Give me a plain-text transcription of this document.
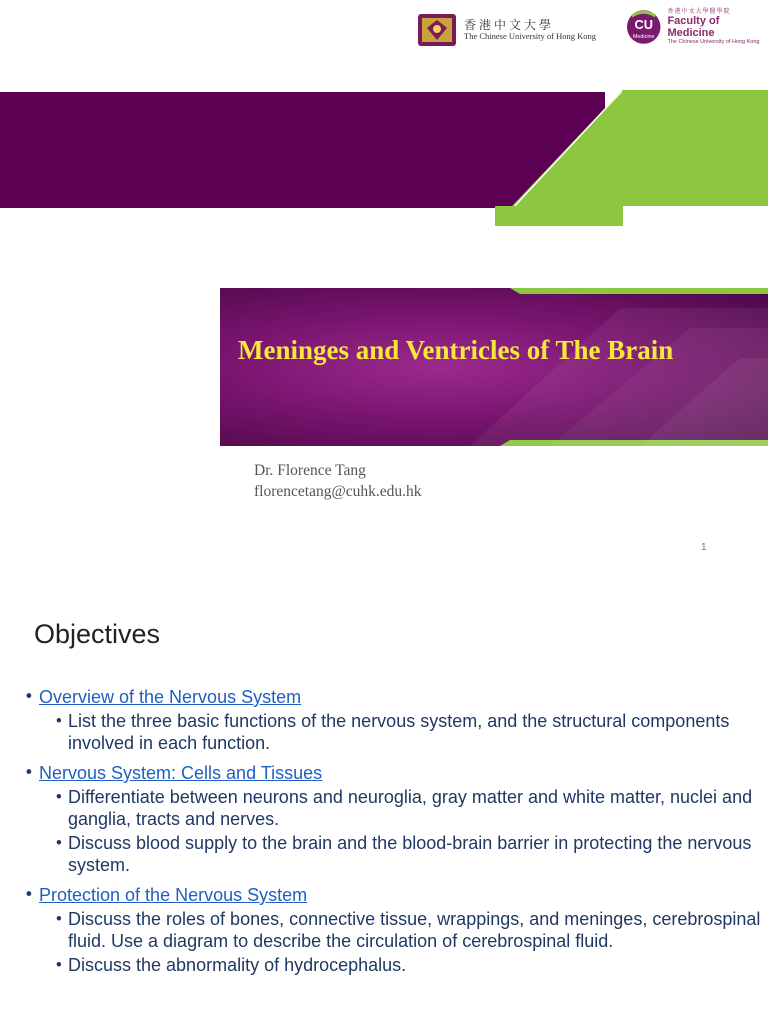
香港中文大學
The Chinese University of Hong Kong
CU
Medicine
香港中文大學醫學院
Faculty of Medicine
The Chinese University of Hong Kong
Meninges and Ventricles of The Brain
Dr. Florence Tang
florencetang@cuhk.edu.hk
1
Objectives
• Overview of the Nervous System
• List the three basic functions of the nervous system, and the structural components involved in each function.
• Nervous System: Cells and Tissues
• Differentiate between neurons and neuroglia, gray matter and white matter, nuclei and ganglia, tracts and nerves.
• Discuss blood supply to the brain and the blood-brain barrier in protecting the nervous system.
• Protection of the Nervous System
• Discuss the roles of bones, connective tissue, wrappings, and meninges, cerebrospinal fluid. Use a diagram to describe the circulation of cerebrospinal fluid.
• Discuss the abnormality of hydrocephalus.
